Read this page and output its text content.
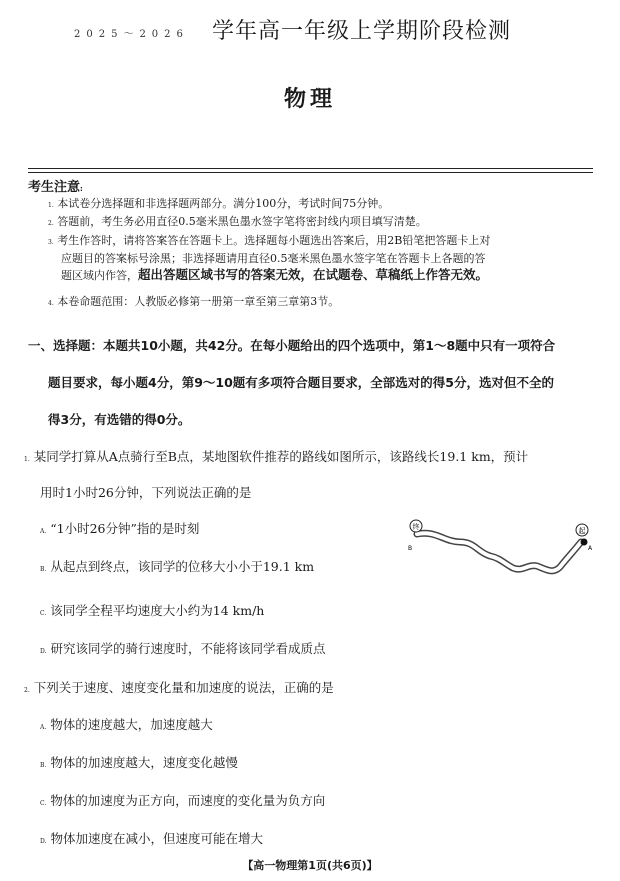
2025～2026 学年高一年级上学期阶段检测
物理
考生注意:
1. 本试卷分选择题和非选择题两部分。满分100分，考试时间75分钟。
2. 答题前，考生务必用直径0.5毫米黑色墨水签字笔将密封线内项目填写清楚。
3. 考生作答时，请将答案答在答题卡上。选择题每小题选出答案后，用2B铅笔把答题卡上对
应题目的答案标号涂黑；非选择题请用直径0.5毫米黑色墨水签字笔在答题卡上各题的答
题区域内作答，超出答题区域书写的答案无效，在试题卷、草稿纸上作答无效。
4. 本卷命题范围：人教版必修第一册第一章至第三章第3节。
一、选择题：本题共10小题，共42分。在每小题给出的四个选项中，第1～8题中只有一项符合
题目要求，每小题4分，第9～10题有多项符合题目要求，全部选对的得5分，选对但不全的
得3分，有选错的得0分。
1. 某同学打算从A点骑行至B点，某地图软件推荐的路线如图所示，该路线长19.1 km，预计
用时1小时26分钟，下列说法正确的是
A. “1小时26分钟”指的是时刻
B. 从起点到终点，该同学的位移大小小于19.1 km
C. 该同学全程平均速度大小约为14 km/h
D. 研究该同学的骑行速度时，不能将该同学看成质点
终
B
起
A
2. 下列关于速度、速度变化量和加速度的说法，正确的是
A. 物体的速度越大，加速度越大
B. 物体的加速度越大，速度变化越慢
C. 物体的加速度为正方向，而速度的变化量为负方向
D. 物体加速度在减小，但速度可能在增大
【高一物理第1页(共6页)】
